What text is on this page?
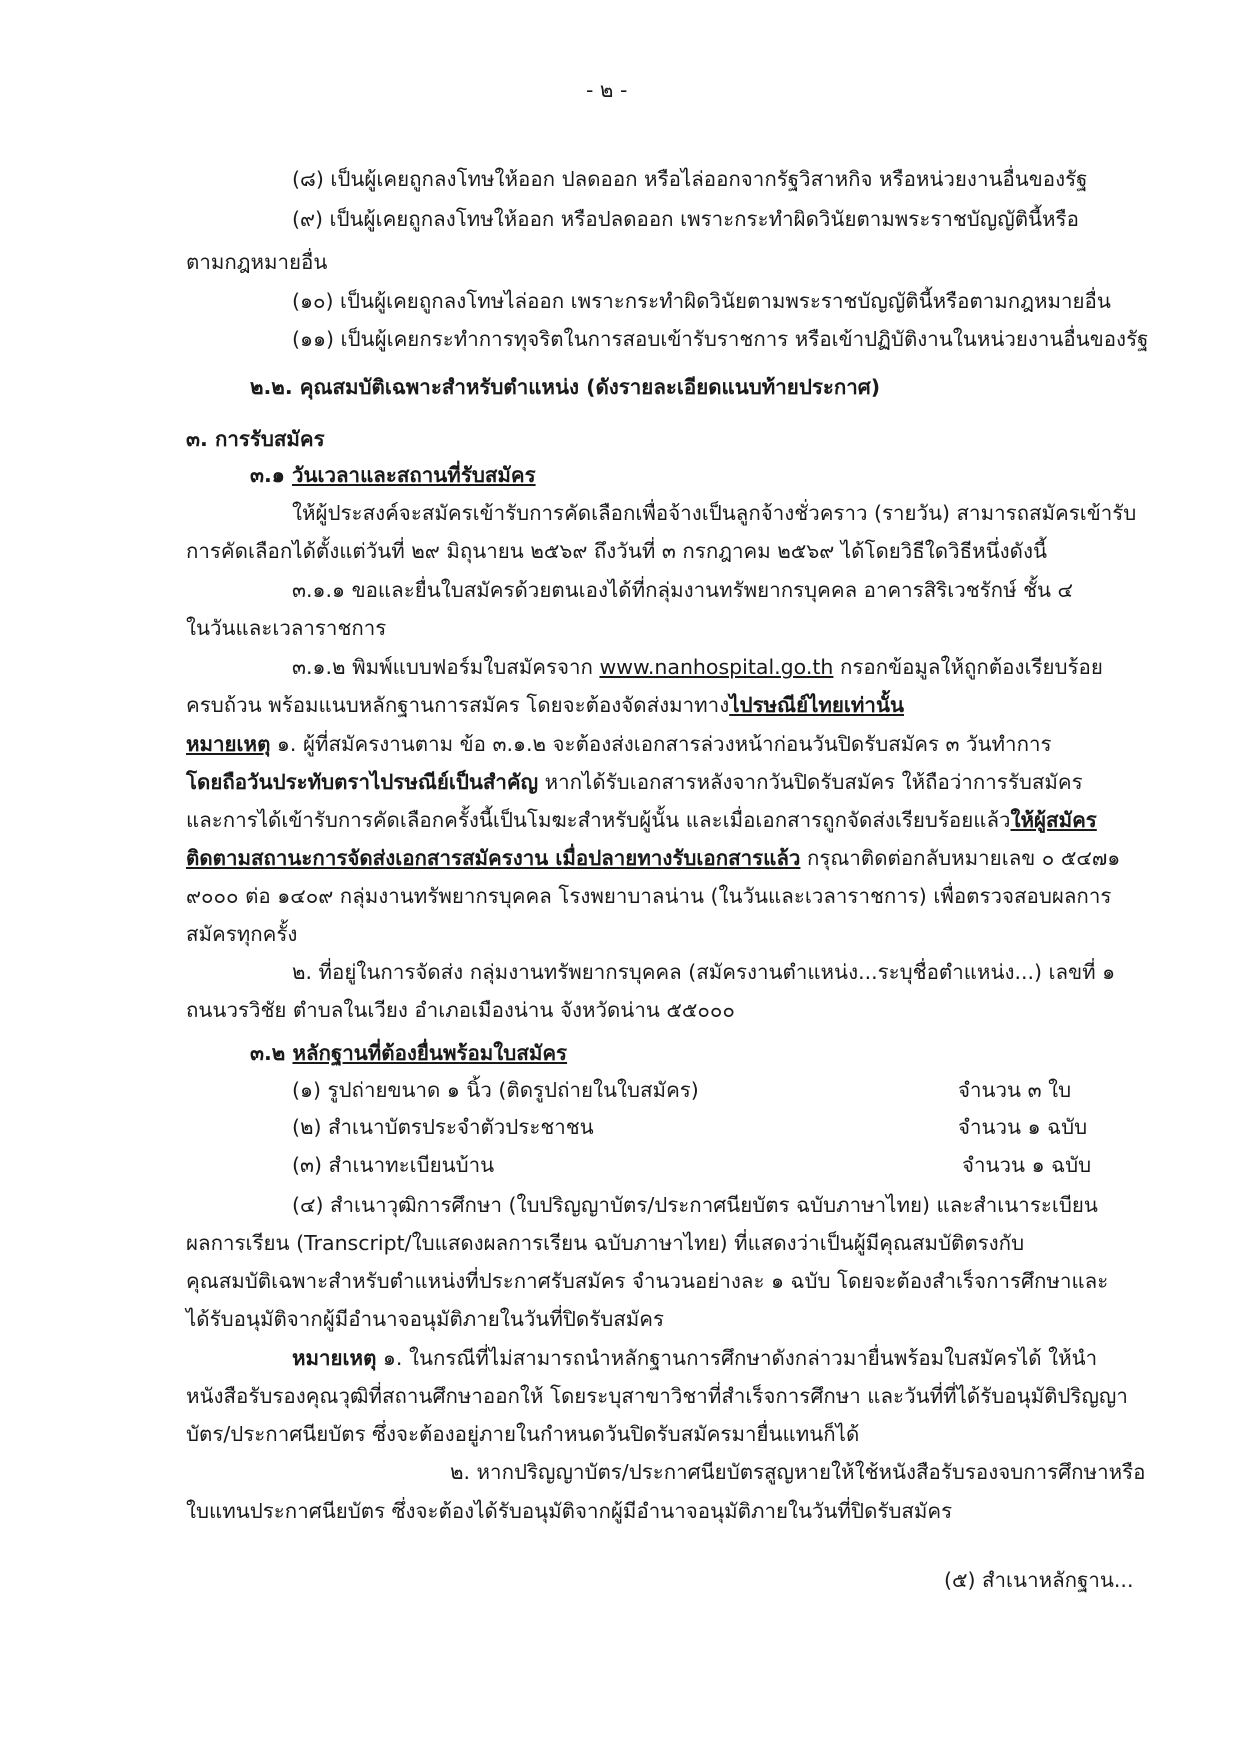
- ๒ -
(๘) เป็นผู้เคยถูกลงโทษให้ออก ปลดออก หรือไล่ออกจากรัฐวิสาหกิจ หรือหน่วยงานอื่นของรัฐ
(๙) เป็นผู้เคยถูกลงโทษให้ออก หรือปลดออก เพราะกระทำผิดวินัยตามพระราชบัญญัตินี้หรือ
ตามกฎหมายอื่น
(๑๐) เป็นผู้เคยถูกลงโทษไล่ออก เพราะกระทำผิดวินัยตามพระราชบัญญัตินี้หรือตามกฎหมายอื่น
(๑๑) เป็นผู้เคยกระทำการทุจริตในการสอบเข้ารับราชการ หรือเข้าปฏิบัติงานในหน่วยงานอื่นของรัฐ
๒.๒. คุณสมบัติเฉพาะสำหรับตำแหน่ง (ดังรายละเอียดแนบท้ายประกาศ)
๓. การรับสมัคร
๓.๑ วันเวลาและสถานที่รับสมัคร
ให้ผู้ประสงค์จะสมัครเข้ารับการคัดเลือกเพื่อจ้างเป็นลูกจ้างชั่วคราว (รายวัน) สามารถสมัครเข้ารับ
การคัดเลือกได้ตั้งแต่วันที่ ๒๙ มิถุนายน ๒๕๖๙ ถึงวันที่ ๓ กรกฎาคม ๒๕๖๙ ได้โดยวิธีใดวิธีหนึ่งดังนี้
๓.๑.๑ ขอและยื่นใบสมัครด้วยตนเองได้ที่กลุ่มงานทรัพยากรบุคคล อาคารสิริเวชรักษ์ ชั้น ๔
ในวันและเวลาราชการ
๓.๑.๒ พิมพ์แบบฟอร์มใบสมัครจาก www.nanhospital.go.th กรอกข้อมูลให้ถูกต้องเรียบร้อย
ครบถ้วน พร้อมแนบหลักฐานการสมัคร โดยจะต้องจัดส่งมาทางไปรษณีย์ไทยเท่านั้น
หมายเหตุ ๑. ผู้ที่สมัครงานตาม ข้อ ๓.๑.๒ จะต้องส่งเอกสารล่วงหน้าก่อนวันปิดรับสมัคร ๓ วันทำการ
โดยถือวันประทับตราไปรษณีย์เป็นสำคัญ หากได้รับเอกสารหลังจากวันปิดรับสมัคร ให้ถือว่าการรับสมัคร
และการได้เข้ารับการคัดเลือกครั้งนี้เป็นโมฆะสำหรับผู้นั้น และเมื่อเอกสารถูกจัดส่งเรียบร้อยแล้วให้ผู้สมัคร
ติดตามสถานะการจัดส่งเอกสารสมัครงาน เมื่อปลายทางรับเอกสารแล้ว กรุณาติดต่อกลับหมายเลข ๐ ๕๔๗๑
๙๐๐๐ ต่อ ๑๔๐๙ กลุ่มงานทรัพยากรบุคคล โรงพยาบาลน่าน (ในวันและเวลาราชการ) เพื่อตรวจสอบผลการ
สมัครทุกครั้ง
๒. ที่อยู่ในการจัดส่ง กลุ่มงานทรัพยากรบุคคล (สมัครงานตำแหน่ง...ระบุชื่อตำแหน่ง...) เลขที่ ๑
ถนนวรวิชัย ตำบลในเวียง อำเภอเมืองน่าน จังหวัดน่าน ๕๕๐๐๐
๓.๒ หลักฐานที่ต้องยื่นพร้อมใบสมัคร
(๑) รูปถ่ายขนาด ๑ นิ้ว (ติดรูปถ่ายในใบสมัคร)	จำนวน ๓ ใบ
(๒) สำเนาบัตรประจำตัวประชาชน	จำนวน ๑ ฉบับ
(๓) สำเนาทะเบียนบ้าน	จำนวน ๑ ฉบับ
(๔) สำเนาวุฒิการศึกษา (ใบปริญญาบัตร/ประกาศนียบัตร ฉบับภาษาไทย) และสำเนาระเบียน
ผลการเรียน (Transcript/ใบแสดงผลการเรียน ฉบับภาษาไทย) ที่แสดงว่าเป็นผู้มีคุณสมบัติตรงกับ
คุณสมบัติเฉพาะสำหรับตำแหน่งที่ประกาศรับสมัคร จำนวนอย่างละ ๑ ฉบับ โดยจะต้องสำเร็จการศึกษาและ
ได้รับอนุมัติจากผู้มีอำนาจอนุมัติภายในวันที่ปิดรับสมัคร
หมายเหตุ ๑. ในกรณีที่ไม่สามารถนำหลักฐานการศึกษาดังกล่าวมายื่นพร้อมใบสมัครได้ ให้นำ
หนังสือรับรองคุณวุฒิที่สถานศึกษาออกให้ โดยระบุสาขาวิชาที่สำเร็จการศึกษา และวันที่ที่ได้รับอนุมัติปริญญา
บัตร/ประกาศนียบัตร ซึ่งจะต้องอยู่ภายในกำหนดวันปิดรับสมัครมายื่นแทนก็ได้
๒. หากปริญญาบัตร/ประกาศนียบัตรสูญหายให้ใช้หนังสือรับรองจบการศึกษาหรือ
ใบแทนประกาศนียบัตร ซึ่งจะต้องได้รับอนุมัติจากผู้มีอำนาจอนุมัติภายในวันที่ปิดรับสมัคร
(๕) สำเนาหลักฐาน...
